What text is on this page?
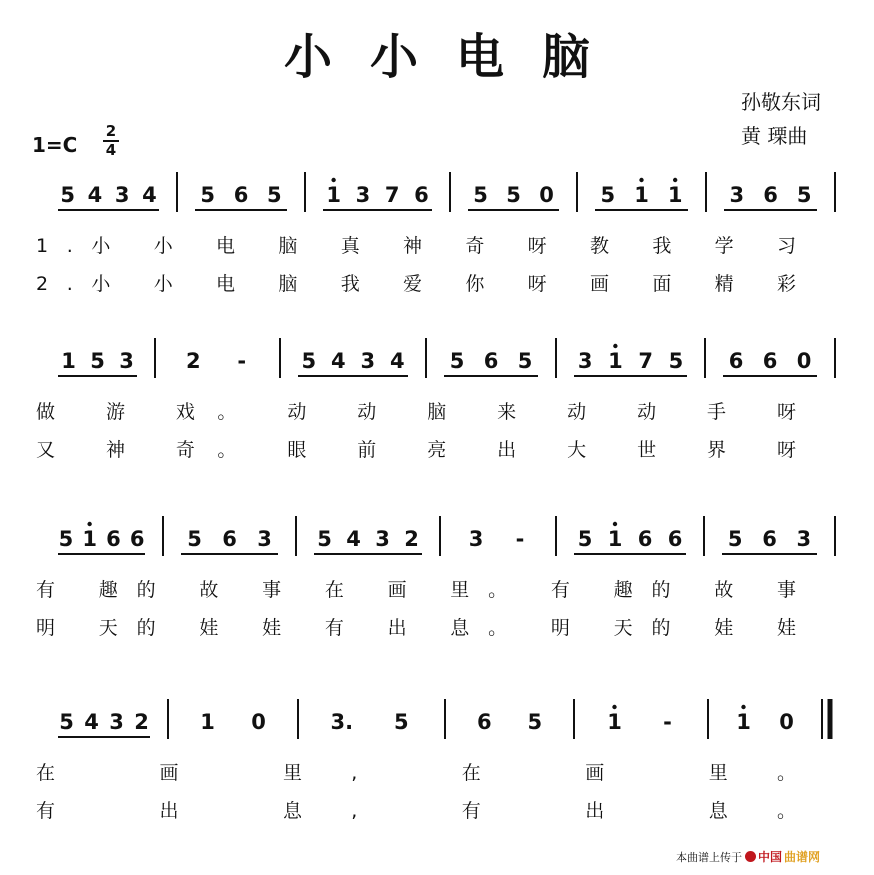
小小电脑
孙敬东词
黄 瑮曲
1=C
2
4
5 4 3 4 5 6 5 1 3 7 6 5 5 0 5 1 1 3 6 5
1.小 小 电 脑 真 神 奇 呀 教 我 学 习
2.小 小 电 脑 我 爱 你 呀 画 面 精 彩
1 5 3 2 -	5 4 3 4 5 6 5 3 1 7 5 6 6 0
做 游 戏。 动 动 脑 来 动 动 手 呀
又 神 奇。 眼 前 亮 出 大 世 界 呀
5 1 6 6 5 6 3 5 4 3 2 3 -	5 1 6 6 5 6 3
有 趣的 故 事 在 画 里。 有 趣的 故 事
明 天的 娃 娃 有 出 息。 明 天的 娃 娃
5 4 3 2 1 0	3. 5	6 5	1 -	1 0
在 画 里, 在 画 里。
有 出 息, 有 出 息。
本曲谱上传于 中国 曲谱网
